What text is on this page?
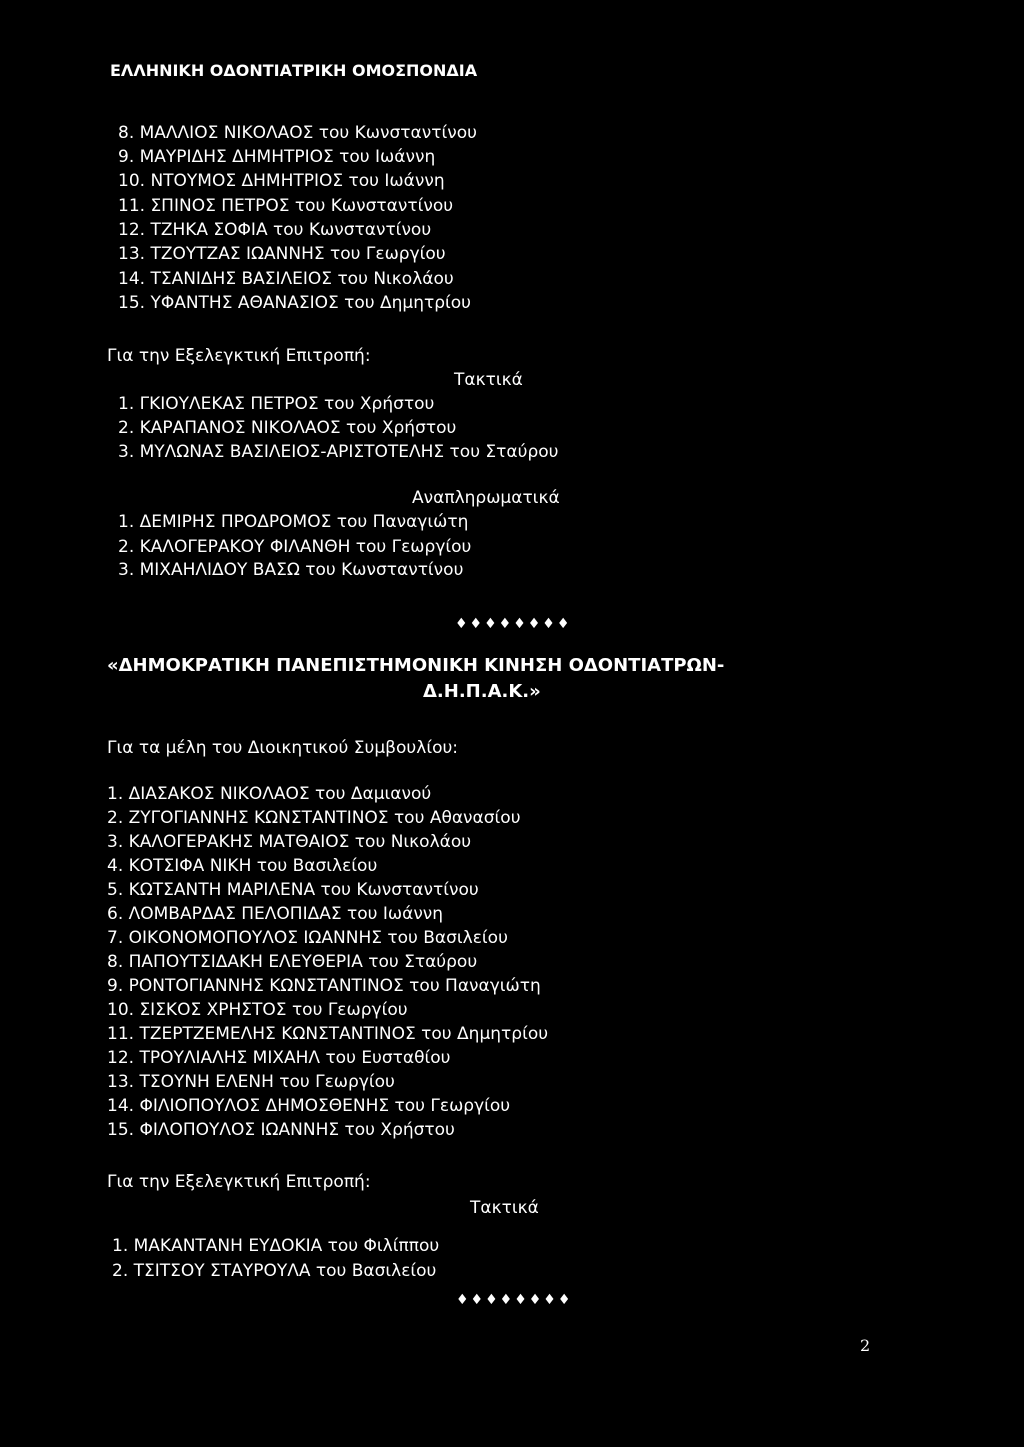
ΕΛΛΗΝΙΚΗ ΟΔΟΝΤΙΑΤΡΙΚΗ ΟΜΟΣΠΟΝΔΙΑ
8. ΜΑΛΛΙΟΣ ΝΙΚΟΛΑΟΣ του Κωνσταντίνου
9. ΜΑΥΡΙΔΗΣ ΔΗΜΗΤΡΙΟΣ του Ιωάννη
10. ΝΤΟΥΜΟΣ ΔΗΜΗΤΡΙΟΣ του Ιωάννη
11. ΣΠΙΝΟΣ ΠΕΤΡΟΣ του Κωνσταντίνου
12. ΤΖΗΚΑ ΣΟΦΙΑ του Κωνσταντίνου
13. ΤΖΟΥΤΖΑΣ ΙΩΑΝΝΗΣ του Γεωργίου
14. ΤΣΑΝΙΔΗΣ ΒΑΣΙΛΕΙΟΣ του Νικολάου
15. ΥΦΑΝΤΗΣ ΑΘΑΝΑΣΙΟΣ του Δημητρίου
Για την Εξελεγκτική Επιτροπή:
Τακτικά
1. ΓΚΙΟΥΛΕΚΑΣ ΠΕΤΡΟΣ του Χρήστου
2. ΚΑΡΑΠΑΝΟΣ ΝΙΚΟΛΑΟΣ του Χρήστου
3. ΜΥΛΩΝΑΣ ΒΑΣΙΛΕΙΟΣ-ΑΡΙΣΤΟΤΕΛΗΣ του Σταύρου
Αναπληρωματικά
1. ΔΕΜΙΡΗΣ ΠΡΟΔΡΟΜΟΣ του Παναγιώτη
2. ΚΑΛΟΓΕΡΑΚΟΥ ΦΙΛΑΝΘΗ του Γεωργίου
3. ΜΙΧΑΗΛΙΔΟΥ ΒΑΣΩ του Κωνσταντίνου
♦♦♦♦♦♦♦♦
«ΔΗΜΟΚΡΑΤΙΚΗ ΠΑΝΕΠΙΣΤΗΜΟΝΙΚΗ ΚΙΝΗΣΗ ΟΔΟΝΤΙΑΤΡΩΝ-
Δ.Η.Π.Α.Κ.»
Για τα μέλη του Διοικητικού Συμβουλίου:
1. ΔΙΑΣΑΚΟΣ ΝΙΚΟΛΑΟΣ του Δαμιανού
2. ΖΥΓΟΓΙΑΝΝΗΣ ΚΩΝΣΤΑΝΤΙΝΟΣ του Αθανασίου
3. ΚΑΛΟΓΕΡΑΚΗΣ ΜΑΤΘΑΙΟΣ του Νικολάου
4. ΚΟΤΣΙΦΑ ΝΙΚΗ του Βασιλείου
5. ΚΩΤΣΑΝΤΗ ΜΑΡΙΛΕΝΑ του Κωνσταντίνου
6. ΛΟΜΒΑΡΔΑΣ ΠΕΛΟΠΙΔΑΣ του Ιωάννη
7. ΟΙΚΟΝΟΜΟΠΟΥΛΟΣ ΙΩΑΝΝΗΣ του Βασιλείου
8. ΠΑΠΟΥΤΣΙΔΑΚΗ ΕΛΕΥΘΕΡΙΑ του Σταύρου
9. ΡΟΝΤΟΓΙΑΝΝΗΣ ΚΩΝΣΤΑΝΤΙΝΟΣ του Παναγιώτη
10. ΣΙΣΚΟΣ ΧΡΗΣΤΟΣ του Γεωργίου
11. ΤΖΕΡΤΖΕΜΕΛΗΣ ΚΩΝΣΤΑΝΤΙΝΟΣ του Δημητρίου
12. ΤΡΟΥΛΙΑΛΗΣ ΜΙΧΑΗΛ του Ευσταθίου
13. ΤΣΟΥΝΗ ΕΛΕΝΗ του Γεωργίου
14. ΦΙΛΙΟΠΟΥΛΟΣ ΔΗΜΟΣΘΕΝΗΣ του Γεωργίου
15. ΦΙΛΟΠΟΥΛΟΣ ΙΩΑΝΝΗΣ του Χρήστου
Για την Εξελεγκτική Επιτροπή:
Τακτικά
1. ΜΑΚΑΝΤΑΝΗ ΕΥΔΟΚΙΑ του Φιλίππου
2. ΤΣΙΤΣΟΥ ΣΤΑΥΡΟΥΛΑ του Βασιλείου
♦♦♦♦♦♦♦♦
2
